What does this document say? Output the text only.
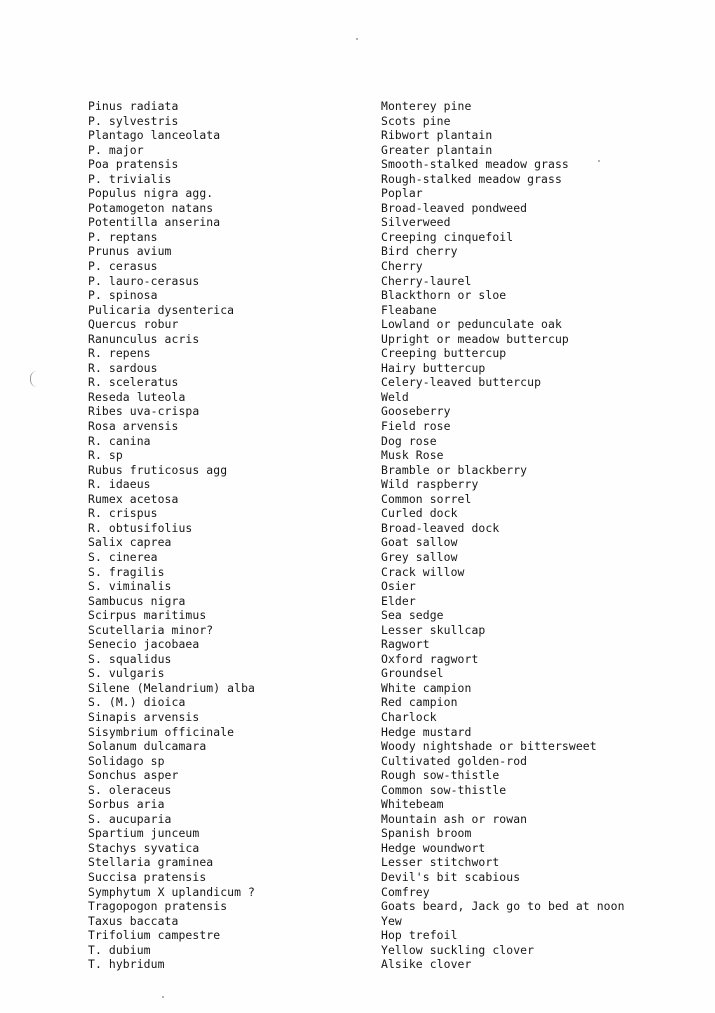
Pinus radiata
P. sylvestris
Plantago lanceolata
P. major
Poa pratensis
P. trivialis
Populus nigra agg.
Potamogeton natans
Potentilla anserina
P. reptans
Prunus avium
P. cerasus
P. lauro-cerasus
P. spinosa
Pulicaria dysenterica
Quercus robur
Ranunculus acris
R. repens
R. sardous
R. sceleratus
Reseda luteola
Ribes uva-crispa
Rosa arvensis
R. canina
R. sp
Rubus fruticosus agg
R. idaeus
Rumex acetosa
R. crispus
R. obtusifolius
Salix caprea
S. cinerea
S. fragilis
S. viminalis
Sambucus nigra
Scirpus maritimus
Scutellaria minor?
Senecio jacobaea
S. squalidus
S. vulgaris
Silene (Melandrium) alba
S. (M.) dioica
Sinapis arvensis
Sisymbrium officinale
Solanum dulcamara
Solidago sp
Sonchus asper
S. oleraceus
Sorbus aria
S. aucuparia
Spartium junceum
Stachys syvatica
Stellaria graminea
Succisa pratensis
Symphytum X uplandicum ?
Tragopogon pratensis
Taxus baccata
Trifolium campestre
T. dubium
T. hybridum
Monterey pine
Scots pine
Ribwort plantain
Greater plantain
Smooth-stalked meadow grass
Rough-stalked meadow grass
Poplar
Broad-leaved pondweed
Silverweed
Creeping cinquefoil
Bird cherry
Cherry
Cherry-laurel
Blackthorn or sloe
Fleabane
Lowland or pedunculate oak
Upright or meadow buttercup
Creeping buttercup
Hairy buttercup
Celery-leaved buttercup
Weld
Gooseberry
Field rose
Dog rose
Musk Rose
Bramble or blackberry
Wild raspberry
Common sorrel
Curled dock
Broad-leaved dock
Goat sallow
Grey sallow
Crack willow
Osier
Elder
Sea sedge
Lesser skullcap
Ragwort
Oxford ragwort
Groundsel
White campion
Red campion
Charlock
Hedge mustard
Woody nightshade or bittersweet
Cultivated golden-rod
Rough sow-thistle
Common sow-thistle
Whitebeam
Mountain ash or rowan
Spanish broom
Hedge woundwort
Lesser stitchwort
Devil's bit scabious
Comfrey
Goats beard, Jack go to bed at noon
Yew
Hop trefoil
Yellow suckling clover
Alsike clover
